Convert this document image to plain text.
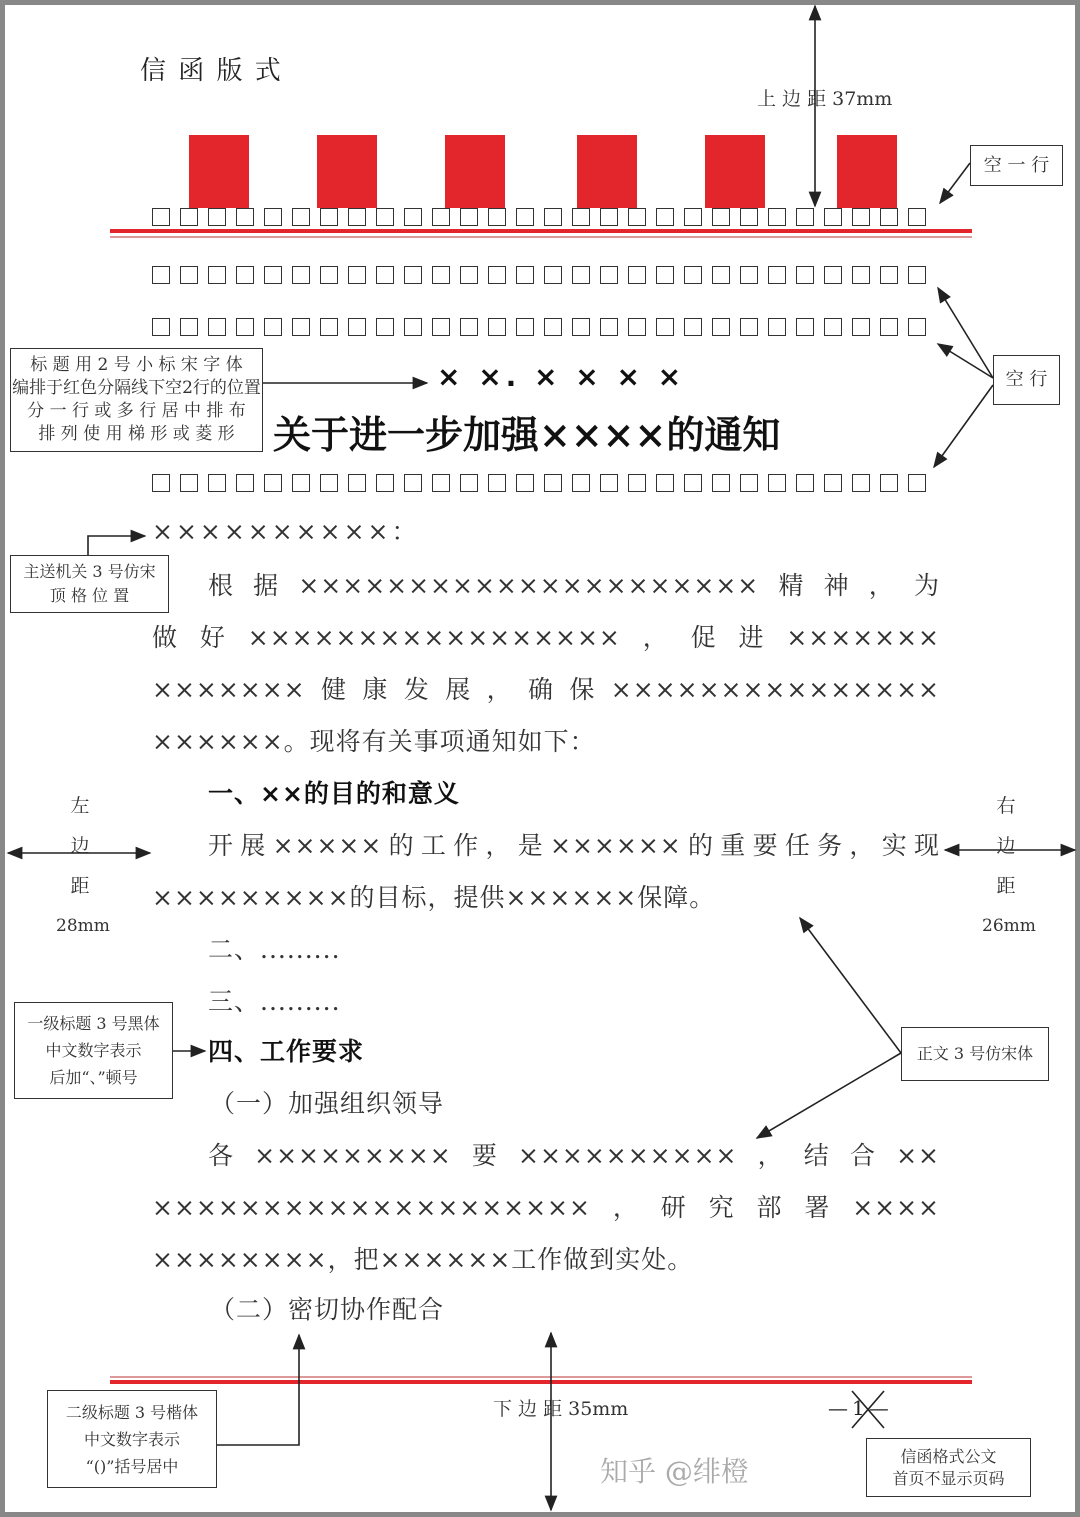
信 函 版 式
上 边 距 37mm
× ×. × × × ×
关于进一步加强××××的通知
××××××××××：
根据×××××××××××××××××××××精神，为
做好×××××××××××××××××，促进×××××××
×××××××健康发展，确保×××××××××××××××
××××××。现将有关事项通知如下：
一、××的目的和意义
开展×××××的工作，是××××××的重要任务，实现
×××××××××的目标，提供××××××保障。
二、.........
三、.........
四、工作要求
（一）加强组织领导
各×××××××××要××××××××××，结合××
××××××××××××××××××××，研究部署××××
××××××××，把××××××工作做到实处。
（二）密切协作配合
左
边
距
28mm
右
边
距
26mm
下 边 距 35mm	—1—
空 一 行
空 行
标 题 用 2 号 小 标 宋 字 体
编排于红色分隔线下空2行的位置
分 一 行 或 多 行 居 中 排 布
排 列 使 用 梯 形 或 菱 形
主送机关 3 号仿宋
顶 格 位 置
一级标题 3 号黑体
中文数字表示
后加“、”顿号
正文 3 号仿宋体
二级标题 3 号楷体
中文数字表示
“()”括号居中
信函格式公文
首页不显示页码
知乎 @绯橙
